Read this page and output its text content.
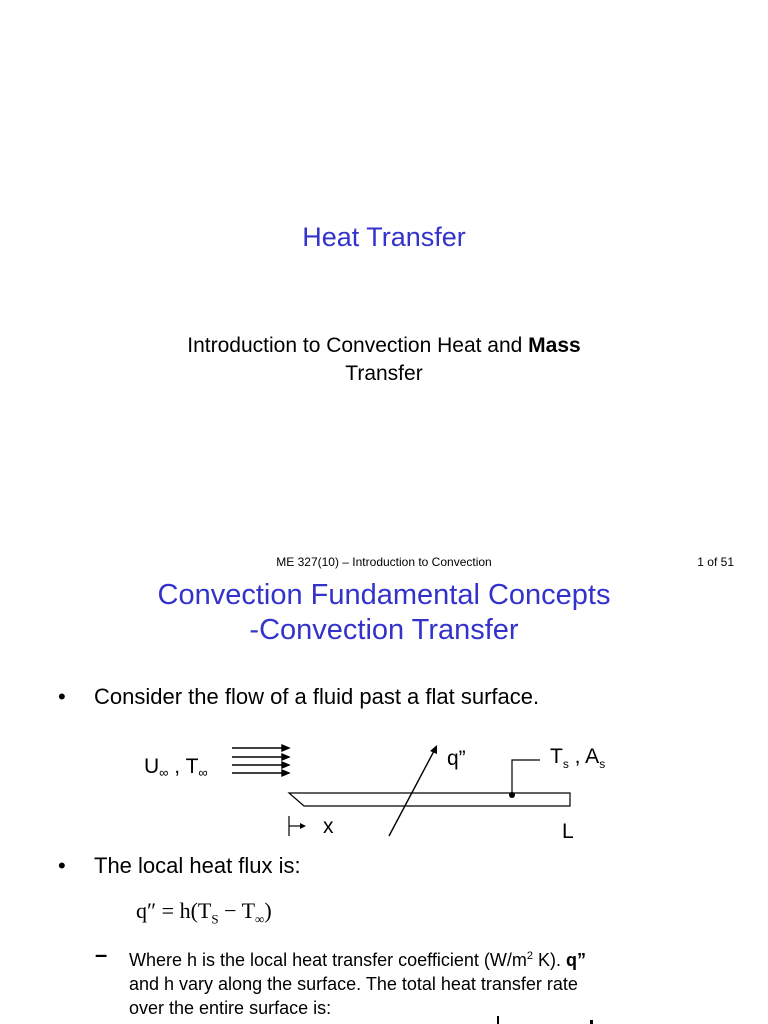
Heat Transfer
Introduction to Convection Heat and Mass
Transfer
ME 327(10) – Introduction to Convection	1 of 51
Convection Fundamental Concepts
-Convection Transfer
• Consider the flow of a fluid past a flat surface.
U∞ , T∞
q”	$T_s$ , $A_s$
x	L
• The local heat flux is:
$q'' = h(T_S - T_\infty)$
– Where h is the local heat transfer coefficient ($W/m^2$ K). q”
and h vary along the surface. The total heat transfer rate
over the entire surface is:
